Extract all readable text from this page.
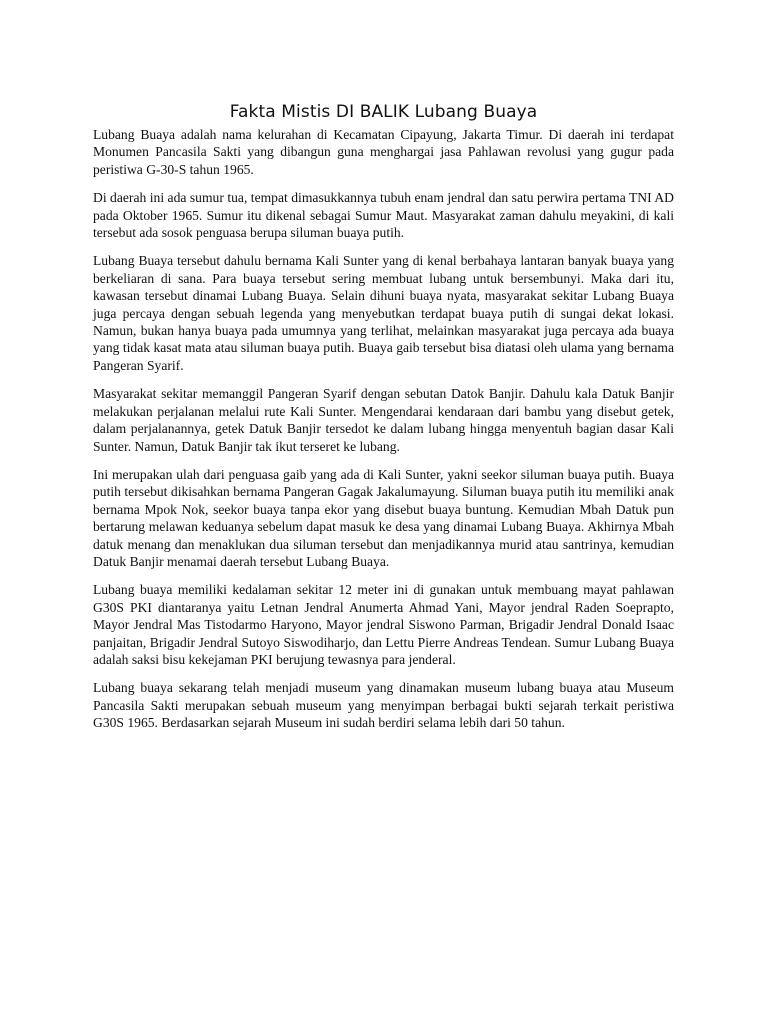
Fakta Mistis DI BALIK Lubang Buaya

Lubang Buaya adalah nama kelurahan di Kecamatan Cipayung, Jakarta Timur. Di daerah ini terdapat Monumen Pancasila Sakti yang dibangun guna menghargai jasa Pahlawan revolusi yang gugur pada peristiwa G-30-S tahun 1965.

Di daerah ini ada sumur tua, tempat dimasukkannya tubuh enam jendral dan satu perwira pertama TNI AD pada Oktober 1965. Sumur itu dikenal sebagai Sumur Maut. Masyarakat zaman dahulu meyakini, di kali tersebut ada sosok penguasa berupa siluman buaya putih.

Lubang Buaya tersebut dahulu bernama Kali Sunter yang di kenal berbahaya lantaran banyak buaya yang berkeliaran di sana. Para buaya tersebut sering membuat lubang untuk bersembunyi. Maka dari itu, kawasan tersebut dinamai Lubang Buaya. Selain dihuni buaya nyata, masyarakat sekitar Lubang Buaya juga percaya dengan sebuah legenda yang menyebutkan terdapat buaya putih di sungai dekat lokasi. Namun, bukan hanya buaya pada umumnya yang terlihat, melainkan masyarakat juga percaya ada buaya yang tidak kasat mata atau siluman buaya putih. Buaya gaib tersebut bisa diatasi oleh ulama yang bernama Pangeran Syarif.

Masyarakat sekitar memanggil Pangeran Syarif dengan sebutan Datok Banjir. Dahulu kala Datuk Banjir melakukan perjalanan melalui rute Kali Sunter. Mengendarai kendaraan dari bambu yang disebut getek, dalam perjalanannya, getek Datuk Banjir tersedot ke dalam lubang hingga menyentuh bagian dasar Kali Sunter. Namun, Datuk Banjir tak ikut terseret ke lubang.

Ini merupakan ulah dari penguasa gaib yang ada di Kali Sunter, yakni seekor siluman buaya putih. Buaya putih tersebut dikisahkan bernama Pangeran Gagak Jakalumayung. Siluman buaya putih itu memiliki anak bernama Mpok Nok, seekor buaya tanpa ekor yang disebut buaya buntung. Kemudian Mbah Datuk pun bertarung melawan keduanya sebelum dapat masuk ke desa yang dinamai Lubang Buaya. Akhirnya Mbah datuk menang dan menaklukan dua siluman tersebut dan menjadikannya murid atau santrinya, kemudian Datuk Banjir menamai daerah tersebut Lubang Buaya.

Lubang buaya memiliki kedalaman sekitar 12 meter ini di gunakan untuk membuang mayat pahlawan G30S PKI diantaranya yaitu Letnan Jendral Anumerta Ahmad Yani, Mayor jendral Raden Soeprapto, Mayor Jendral Mas Tistodarmo Haryono, Mayor jendral Siswono Parman, Brigadir Jendral Donald Isaac panjaitan, Brigadir Jendral Sutoyo Siswodiharjo, dan Lettu Pierre Andreas Tendean. Sumur Lubang Buaya adalah saksi bisu kekejaman PKI berujung tewasnya para jenderal.

Lubang buaya sekarang telah menjadi museum yang dinamakan museum lubang buaya atau Museum Pancasila Sakti merupakan sebuah museum yang menyimpan berbagai bukti sejarah terkait peristiwa G30S 1965. Berdasarkan sejarah Museum ini sudah berdiri selama lebih dari 50 tahun.
